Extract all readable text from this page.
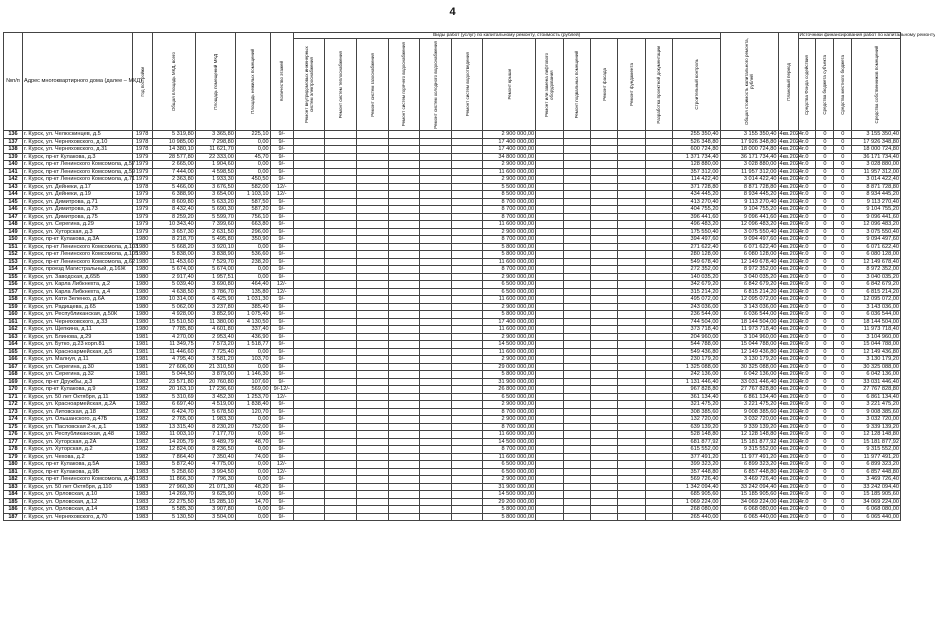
4
№п/п	Адрес многоквартирного дома (далее – МКД)	Год постройки	Общая площадь МКД, всего	Площадь помещений МКД	Площадь нежилых помещений	Количество этажей	Виды работ (услуг) по капитальному ремонту, стоимость (рублей)													Общая стоимость капитального ремонта, рублей	Плановый период	Источники финансирования работ по капитальному ремонту			

							Ремонт внутридомовых инженерных систем электроснабжения	Ремонт систем теплоснабжения	Ремонт систем газоснабжения	Ремонт систем горячего водоснабжения	Ремонт систем холодного водоснабжения	Ремонт систем водоотведения	Ремонт крыши	Ремонт или замена лифтового оборудования	Ремонт подвальных помещений	Ремонт фасада	Ремонт фундамента	Разработка проектной документации	Строительный контроль			Средства Фонда содействия	Средства бюджета субъекта	Средства местного бюджета	Средства собственников помещений

136	г. Курск, ул. Челюскинцев, д.5	1978	5 319,80	3 365,80	225,10	9/-							2 900 000,00						255 350,40	3 155 350,40	4кв.2024г.	0	0	0	3 155 350,40
137	г. Курск, ул. Черняховского, д.10	1978	10 985,00	7 298,80	0,00	9/-							17 400 000,00						526 348,80	17 926 348,80	4кв.2024г.	0	0	0	17 926 348,80
138	г. Курск, ул. Черняховского, д.31	1978	14 380,10	11 621,70	0,00	9/-							17 400 000,00						600 724,80	18 000 724,80	4кв.2024г.	0	0	0	18 000 724,80
139	г. Курск, пр-кт Кулакова, д.3	1979	28 577,80	22 333,00	45,70	9/-							34 800 000,00						1 371 734,40	36 171 734,40	4кв.2024г.	0	0	0	36 171 734,40
140	г. Курск, пр-кт Ленинского Комсомола, д.57	1979	2 665,00	1 904,60	0,00	9/-							2 900 000,00						128 880,00	3 028 880,00	4кв.2024г.	0	0	0	3 028 880,00
141	г. Курск, пр-кт Ленинского Комсомола, д.59	1979	7 444,00	4 598,50	0,00	9/-							11 600 000,00						357 312,00	11 957 312,00	4кв.2024г.	0	0	0	11 957 312,00
142	г. Курск, пр-кт Ленинского Комсомола, д.71	1979	2 363,80	1 933,30	450,50	9/-							2 900 000,00						114 422,40	3 014 422,40	4кв.2024г.	0	0	0	3 014 422,40
143	г. Курск, ул. Дейнеки, д.17	1978	5 466,00	3 676,50	582,00	12/-							5 500 000,00						371 728,80	8 871 728,80	4кв.2024г.	0	0	0	8 871 728,80
144	г. Курск, ул. Дейнеки, д.19	1979	6 388,90	3 654,00	1 103,10	12/-							8 500 000,00						434 445,20	8 934 445,20	4кв.2024г.	0	0	0	8 934 445,20
145	г. Курск, ул. Димитрова, д.71	1979	8 609,80	5 633,20	587,50	9/-							8 700 000,00						413 270,40	9 113 270,40	4кв.2024г.	0	0	0	9 113 270,40
146	г. Курск, ул. Димитрова, д.73	1979	8 432,40	5 690,30	587,20	9/-							8 700 000,00						404 755,20	9 104 755,20	4кв.2024г.	0	0	0	9 104 755,20
147	г. Курск, ул. Димитрова, д.75	1979	8 259,20	5 599,70	756,10	9/-							8 700 000,00						396 441,60	9 096 441,60	4кв.2024г.	0	0	0	9 096 441,60
148	г. Курск, ул. Серегина, д.29	1979	10 343,40	7 399,60	663,80	9/-							11 600 000,00						496 483,20	12 096 483,20	4кв.2024г.	0	0	0	12 096 483,20
149	г. Курск, ул. Хуторская, д.3	1979	3 657,30	2 631,50	296,00	9/-							2 900 000,00						175 550,40	3 075 550,40	4кв.2024г.	0	0	0	3 075 550,40
150	г. Курск, пр-кт Кулакова, д.3А	1980	8 218,70	5 495,80	350,90	9/-							8 700 000,00						394 497,60	9 094 497,60	4кв.2024г.	0	0	0	9 094 497,60
151	г. Курск, пр-кт Ленинского Комсомола, д.103	1980	5 668,20	3 920,10	0,00	9/-							5 800 000,00						271 622,40	6 071 622,40	4кв.2024г.	0	0	0	6 071 622,40
152	г. Курск, пр-кт Ленинского Комсомола, д.105	1980	5 838,00	3 838,90	536,60	9/-							5 800 000,00						280 128,00	6 080 128,00	4кв.2024г.	0	0	0	6 080 128,00
153	г. Курск, пр-кт Ленинского Комсомола, д.62	1980	11 453,60	7 529,70	238,20	9/-							11 600 000,00						549 678,40	12 149 678,40	4кв.2024г.	0	0	0	12 149 678,40
154	г. Курск, проезд Магистральный, д.16Ж	1980	5 674,00	5 674,00	0,00	9/-							8 700 000,00						272 352,00	8 972 352,00	4кв.2024г.	0	0	0	8 972 352,00
155	г. Курск, ул. Заводская, д.65Б	1980	2 917,40	1 957,51	0,00	9/-							2 900 000,00						140 035,20	3 040 035,20	4кв.2024г.	0	0	0	3 040 035,20
156	г. Курск, ул. Карла Либкнехта, д.2	1980	5 039,40	3 690,80	464,40	12/-							6 500 000,00						342 679,20	6 842 679,20	4кв.2024г.	0	0	0	6 842 679,20
157	г. Курск, ул. Карла Либкнехта, д.4	1980	4 638,50	3 786,70	135,80	12/-							6 500 000,00						315 214,20	6 815 214,20	4кв.2024г.	0	0	0	6 815 214,20
158	г. Курск, ул. Кати Зеленко, д.6А	1980	10 314,00	6 425,90	1 031,30	9/-							11 600 000,00						495 072,00	12 095 072,00	4кв.2024г.	0	0	0	12 095 072,00
159	г. Курск, ул. Радищева, д.65	1980	5 062,00	3 237,80	385,40	9/-							2 900 000,00						243 036,00	3 143 036,00	4кв.2024г.	0	0	0	3 143 036,00
160	г. Курск, ул. Республиканская, д.50К	1980	4 928,00	3 852,90	1 075,40	9/-							5 800 000,00						236 544,00	6 036 544,00	4кв.2024г.	0	0	0	6 036 544,00
161	г. Курск, ул. Черняховского, д.33	1980	15 510,50	11 380,00	4 130,50	9/-							17 400 000,00						744 504,00	18 144 504,00	4кв.2024г.	0	0	0	18 144 504,00
162	г. Курск, ул. Щепкина, д.11	1980	7 785,80	4 601,80	337,40	9/-							11 600 000,00						373 718,40	11 973 718,40	4кв.2024г.	0	0	0	11 973 718,40
163	г. Курск, ул. Блинова, д.29	1981	4 270,00	2 953,40	436,90	9/-							2 900 000,00						204 960,00	3 104 960,00	4кв.2024г.	0	0	0	3 104 960,00
164	г. Курск, ул. Бутко, д.23 корп.81	1981	11 349,75	7 573,20	1 518,77	9/-							14 500 000,00						544 788,00	15 044 788,00	4кв.2024г.	0	0	0	15 044 788,00
165	г. Курск, ул. Красноармейская, д.5	1981	11 446,60	7 725,40	0,00	9/-							11 600 000,00						549 436,80	12 149 436,80	4кв.2024г.	0	0	0	12 149 436,80
166	г. Курск, ул. Малнуя, д.11	1981	4 795,40	3 581,20	103,70	9/-							2 900 000,00						230 179,20	3 130 179,20	4кв.2024г.	0	0	0	3 130 179,20
167	г. Курск, ул. Серегина, д.30	1981	27 606,00	21 310,50	0,00	9/-							29 000 000,00						1 325 088,00	30 325 088,00	4кв.2024г.	0	0	0	30 325 088,00
168	г. Курск, ул. Серегина, д.32	1981	5 044,50	3 879,00	1 146,30	9/-							5 800 000,00						242 136,00	6 042 136,00	4кв.2024г.	0	0	0	6 042 136,00
169	г. Курск, пр-кт Дружбы, д.3	1982	23 571,80	20 760,80	107,60	9/-							31 900 000,00						1 131 446,40	33 031 446,40	4кв.2024г.	0	0	0	33 031 446,40
170	г. Курск, пр-кт Кулакова, д.9	1982	20 163,10	17 236,60	569,00	9/-12/-							26 800 000,00						967 828,80	27 767 828,80	4кв.2024г.	0	0	0	27 767 828,80
171	г. Курск, ул. 50 лет Октября, д.11	1982	5 310,69	3 452,30	1 253,70	12/-							6 500 000,00						361 134,40	6 861 134,40	4кв.2024г.	0	0	0	6 861 134,40
172	г. Курск, ул. Красноармейская, д.2А	1982	6 697,40	4 519,00	1 838,40	9/-							2 900 000,00						321 475,20	3 221 475,20	4кв.2024г.	0	0	0	3 221 475,20
173	г. Курск, ул. Литовская, д.18	1982	6 424,70	5 678,50	120,70	9/-							8 700 000,00						308 385,60	9 008 385,60	4кв.2024г.	0	0	0	9 008 385,60
174	г. Курск, ул. Ольшанского, д.47Б	1982	2 765,00	1 983,30	0,00	9/-							2 900 000,00						132 720,00	3 032 720,00	4кв.2024г.	0	0	0	3 032 720,00
175	г. Курск, ул. Пасловская 2-я, д.1	1982	13 315,40	8 230,20	752,00	9/-							8 700 000,00						639 139,20	9 339 139,20	4кв.2024г.	0	0	0	9 339 139,20
176	г. Курск, ул. Республиканская, д.48	1982	11 003,10	7 177,70	0,00	9/-							11 600 000,00						528 148,80	12 128 148,80	4кв.2024г.	0	0	0	12 128 148,80
177	г. Курск, ул. Хуторская, д.2А	1982	14 205,79	9 489,79	48,70	9/-							14 500 000,00						681 877,92	15 181 877,92	4кв.2024г.	0	0	0	15 181 877,92
178	г. Курск, ул. Хуторская, д.2	1982	12 824,00	8 236,50	0,00	9/-							8 700 000,00						615 552,00	9 315 552,00	4кв.2024г.	0	0	0	9 315 552,00
179	г. Курск, ул. Чехова, д.2	1982	7 864,40	7 350,40	74,00	9/-							11 600 000,00						377 491,20	11 977 491,20	4кв.2024г.	0	0	0	11 977 491,20
180	г. Курск, пр-кт Кулакова, д.5А	1983	5 872,40	4 775,00	0,00	12/-							6 500 000,00						399 323,20	6 899 323,20	4кв.2024г.	0	0	0	6 899 323,20
181	г. Курск, пр-кт Кулакова, д.9Б	1983	5 258,60	3 994,50	0,00	12/-							6 500 000,00						357 448,80	6 857 448,80	4кв.2024г.	0	0	0	6 857 448,80
182	г. Курск, пр-кт Ленинского Комсомола, д.4б	1983	11 866,30	7 796,30	0,00	9/-							2 900 000,00						569 726,40	3 469 726,40	4кв.2024г.	0	0	0	3 469 726,40
183	г. Курск, ул. 50 лет Октября, д.110	1983	27 960,30	21 071,30	48,20	9/-							31 900 000,00						1 342 094,40	33 242 094,40	4кв.2024г.	0	0	0	33 242 094,40
184	г. Курск, ул. Орловская, д.10	1983	14 269,70	9 625,90	0,00	9/-							14 500 000,00						685 905,60	15 185 905,60	4кв.2024г.	0	0	0	15 185 905,60
185	г. Курск, ул. Орловская, д.12	1983	22 275,50	15 285,10	14,70	9/-							29 200 000,00						1 069 224,00	34 069 224,00	4кв.2024г.	0	0	0	34 069 224,00
186	г. Курск, ул. Орловская, д.14	1983	5 585,30	3 907,80	0,00	9/-							5 800 000,00						268 080,00	6 068 080,00	4кв.2024г.	0	0	0	6 068 080,00
187	г. Курск, ул. Черняховского, д.70	1983	5 130,50	3 504,00	0,00	9/-							5 800 000,00						265 440,00	6 065 440,00	4кв.2024г.	0	0	0	6 065 440,00
